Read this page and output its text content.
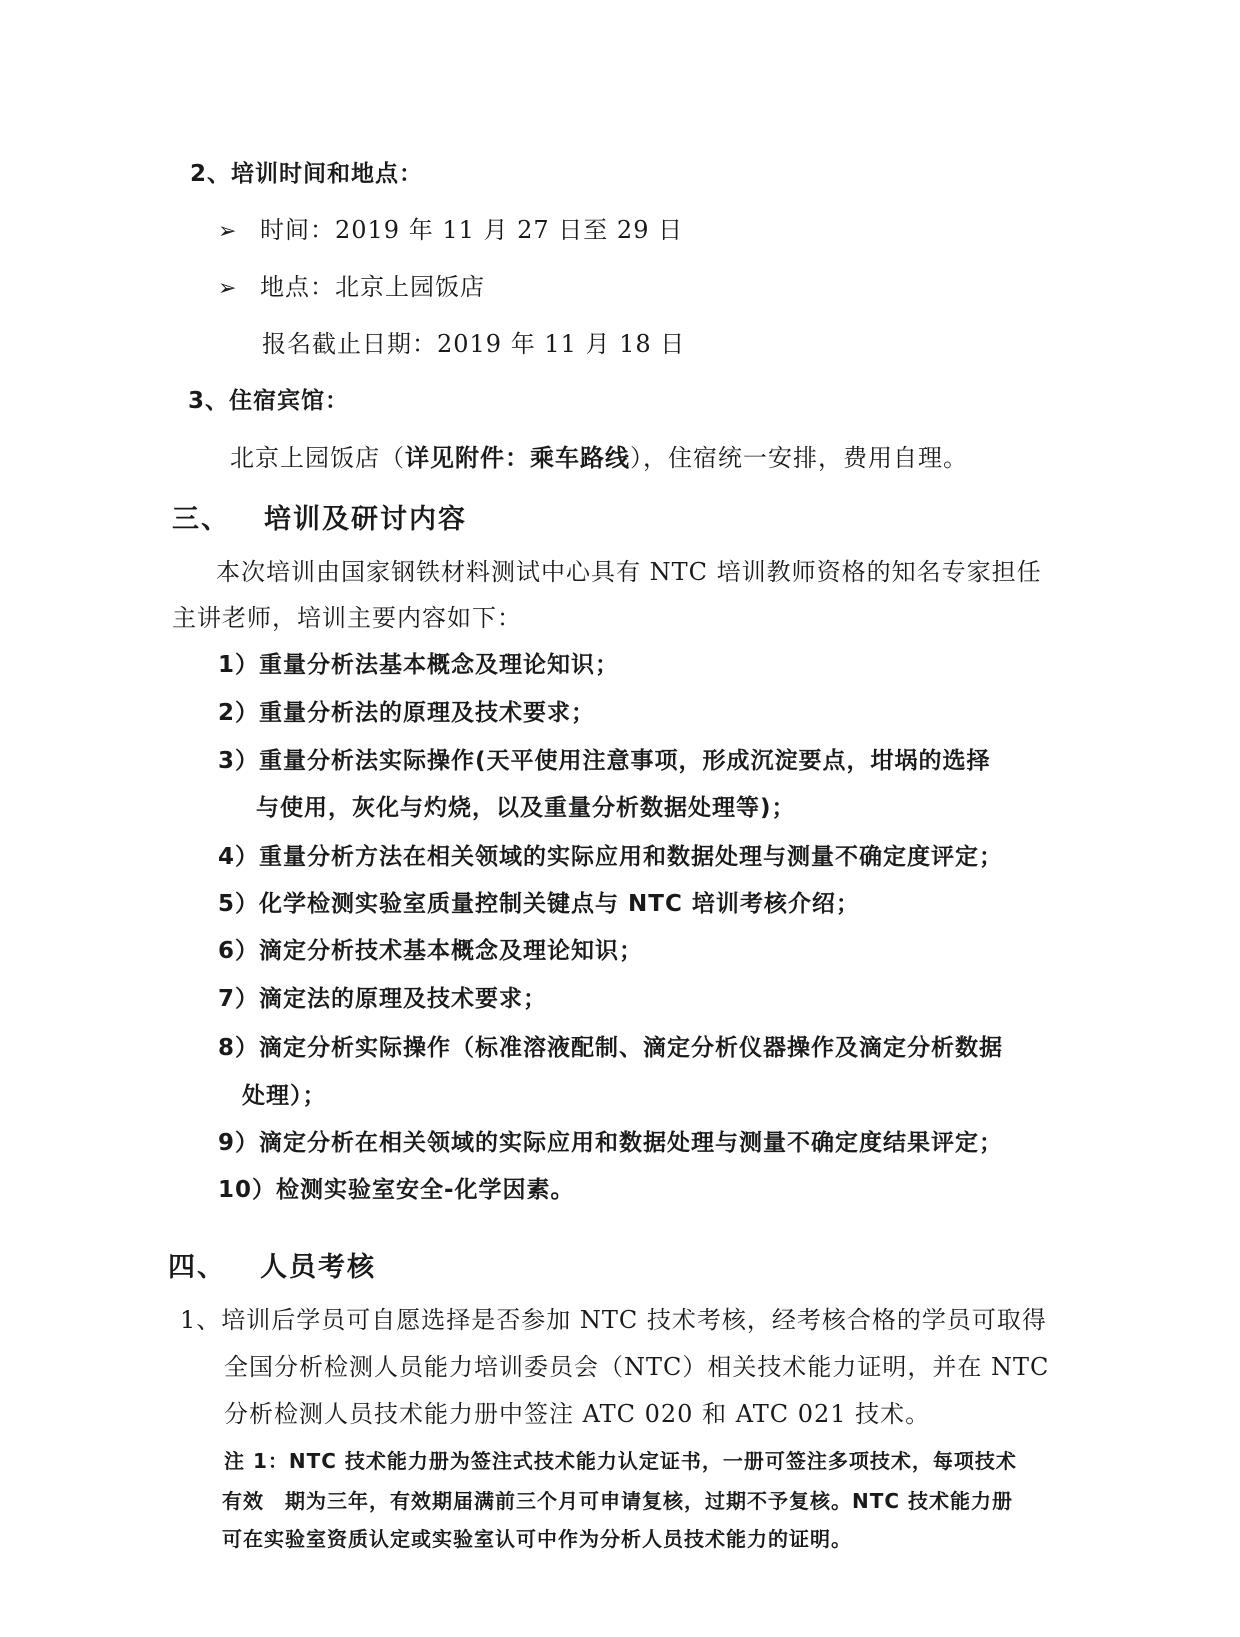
2、培训时间和地点：
➢ 时间：2019 年 11 月 27 日至 29 日
➢ 地点：北京上园饭店
报名截止日期：2019 年 11 月 18 日
3、住宿宾馆：
北京上园饭店（详见附件：乘车路线），住宿统一安排，费用自理。
三、 培训及研讨内容
本次培训由国家钢铁材料测试中心具有 NTC 培训教师资格的知名专家担任
主讲老师，培训主要内容如下：
1）重量分析法基本概念及理论知识；
2）重量分析法的原理及技术要求；
3）重量分析法实际操作(天平使用注意事项，形成沉淀要点，坩埚的选择
与使用，灰化与灼烧，以及重量分析数据处理等)；
4）重量分析方法在相关领域的实际应用和数据处理与测量不确定度评定；
5）化学检测实验室质量控制关键点与 NTC 培训考核介绍；
6）滴定分析技术基本概念及理论知识；
7）滴定法的原理及技术要求；
8）滴定分析实际操作（标准溶液配制、滴定分析仪器操作及滴定分析数据
处理）；
9）滴定分析在相关领域的实际应用和数据处理与测量不确定度结果评定；
10）检测实验室安全-化学因素。
四、 人员考核
1、培训后学员可自愿选择是否参加 NTC 技术考核，经考核合格的学员可取得
全国分析检测人员能力培训委员会（NTC）相关技术能力证明，并在 NTC
分析检测人员技术能力册中签注 ATC 020 和 ATC 021 技术。
注 1：NTC 技术能力册为签注式技术能力认定证书，一册可签注多项技术，每项技术
有效　期为三年，有效期届满前三个月可申请复核，过期不予复核。NTC 技术能力册
可在实验室资质认定或实验室认可中作为分析人员技术能力的证明。
